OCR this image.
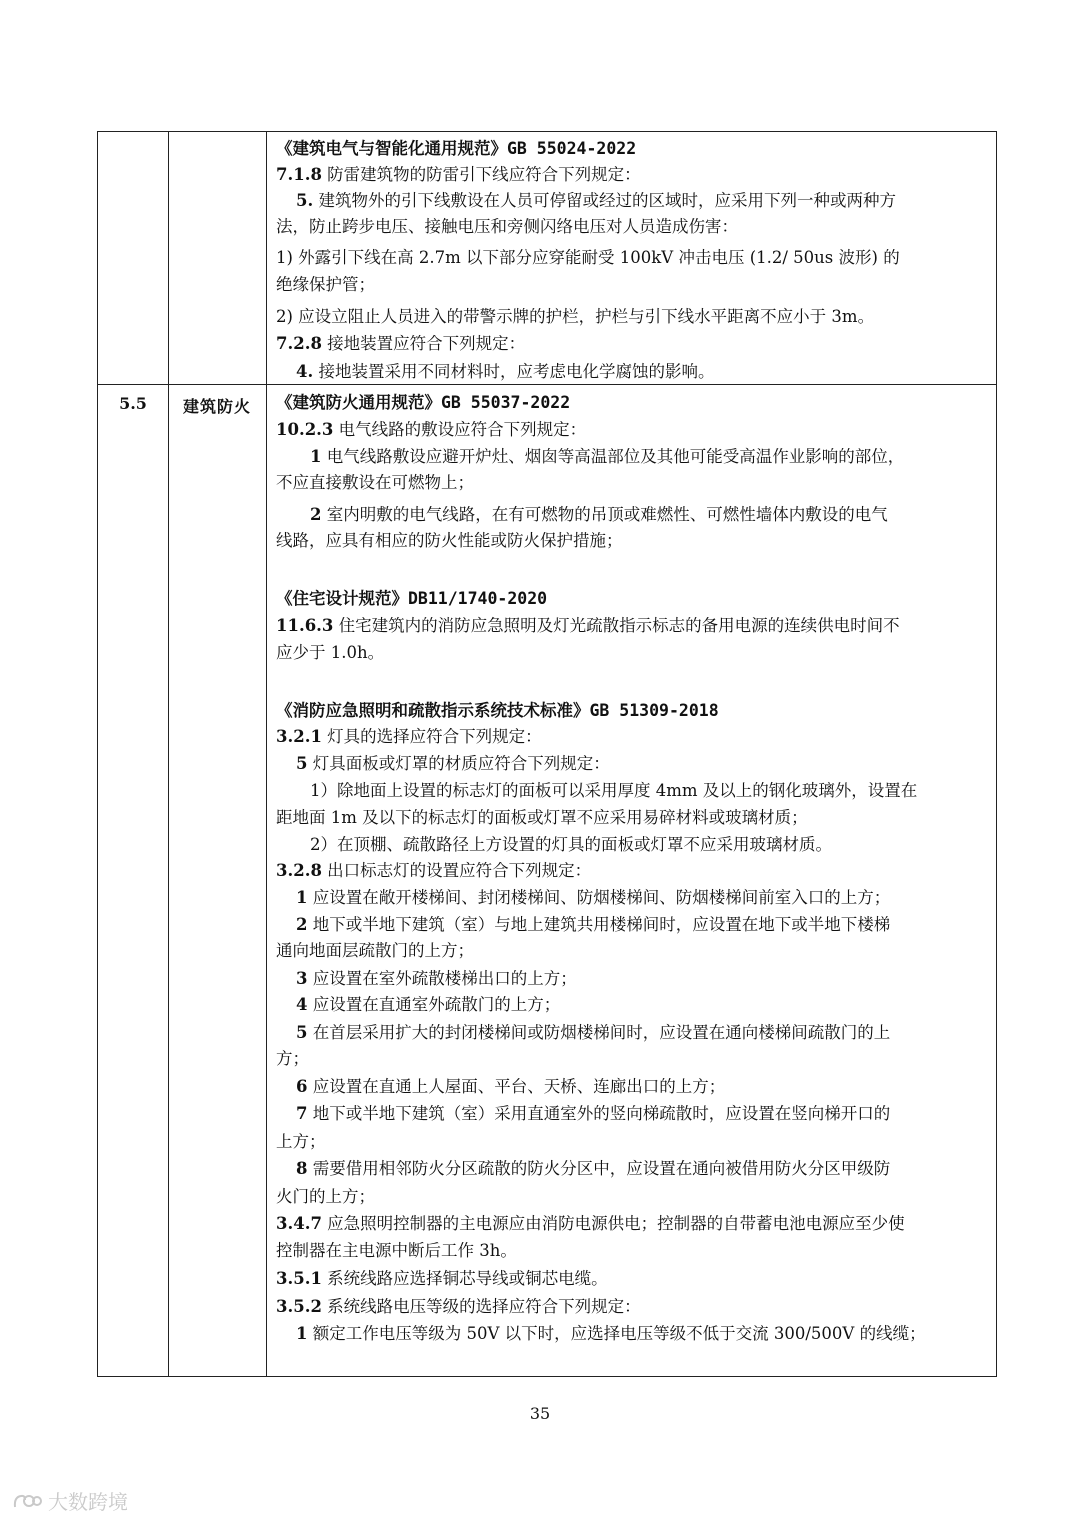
5.5	建筑防火
《建筑电气与智能化通用规范》GB 55024-2022
7.1.8 防雷建筑物的防雷引下线应符合下列规定：
5. 建筑物外的引下线敷设在人员可停留或经过的区域时，应采用下列一种或两种方
法，防止跨步电压、接触电压和旁侧闪络电压对人员造成伤害：
1) 外露引下线在高 2.7m 以下部分应穿能耐受 100kV 冲击电压 (1.2/ 50us 波形) 的
绝缘保护管；
2) 应设立阻止人员进入的带警示牌的护栏，护栏与引下线水平距离不应小于 3m。
7.2.8 接地装置应符合下列规定：
4. 接地装置采用不同材料时，应考虑电化学腐蚀的影响。
《建筑防火通用规范》GB 55037-2022
10.2.3 电气线路的敷设应符合下列规定：
1 电气线路敷设应避开炉灶、烟囱等高温部位及其他可能受高温作业影响的部位，
不应直接敷设在可燃物上；
2 室内明敷的电气线路，在有可燃物的吊顶或难燃性、可燃性墙体内敷设的电气
线路，应具有相应的防火性能或防火保护措施；
《住宅设计规范》DB11/1740-2020
11.6.3 住宅建筑内的消防应急照明及灯光疏散指示标志的备用电源的连续供电时间不
应少于 1.0h。
《消防应急照明和疏散指示系统技术标准》GB 51309-2018
3.2.1 灯具的选择应符合下列规定：
5 灯具面板或灯罩的材质应符合下列规定：
1）除地面上设置的标志灯的面板可以采用厚度 4mm 及以上的钢化玻璃外，设置在
距地面 1m 及以下的标志灯的面板或灯罩不应采用易碎材料或玻璃材质；
2）在顶棚、疏散路径上方设置的灯具的面板或灯罩不应采用玻璃材质。
3.2.8 出口标志灯的设置应符合下列规定：
1 应设置在敞开楼梯间、封闭楼梯间、防烟楼梯间、防烟楼梯间前室入口的上方；
2 地下或半地下建筑（室）与地上建筑共用楼梯间时，应设置在地下或半地下楼梯
通向地面层疏散门的上方；
3 应设置在室外疏散楼梯出口的上方；
4 应设置在直通室外疏散门的上方；
5 在首层采用扩大的封闭楼梯间或防烟楼梯间时，应设置在通向楼梯间疏散门的上
方；
6 应设置在直通上人屋面、平台、天桥、连廊出口的上方；
7 地下或半地下建筑（室）采用直通室外的竖向梯疏散时，应设置在竖向梯开口的
上方；
8 需要借用相邻防火分区疏散的防火分区中，应设置在通向被借用防火分区甲级防
火门的上方；
3.4.7 应急照明控制器的主电源应由消防电源供电；控制器的自带蓄电池电源应至少使
控制器在主电源中断后工作 3h。
3.5.1 系统线路应选择铜芯导线或铜芯电缆。
3.5.2 系统线路电压等级的选择应符合下列规定：
1 额定工作电压等级为 50V 以下时，应选择电压等级不低于交流 300/500V 的线缆；
35
大数跨境
